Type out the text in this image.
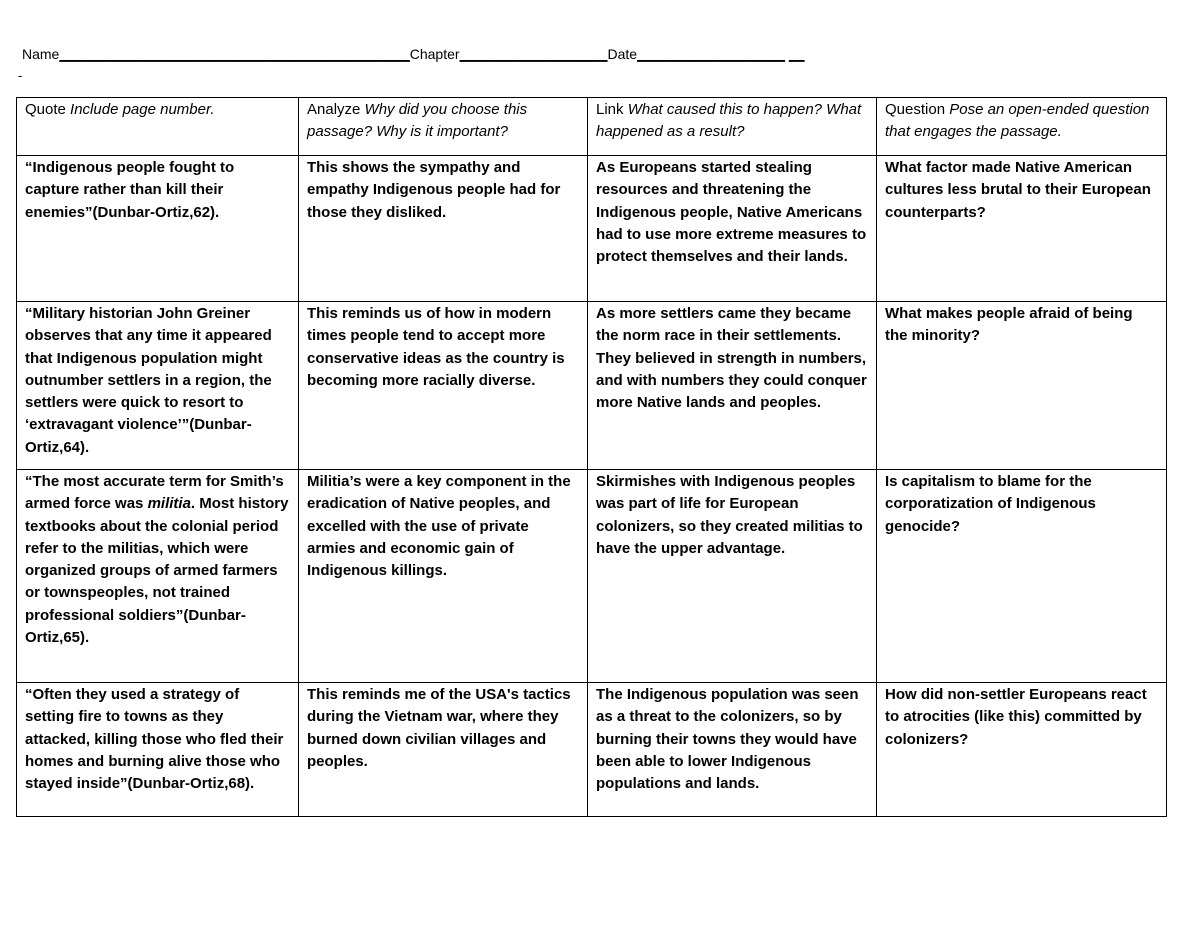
Name_____________________________________________Chapter___________________Date___________________ __
-
Quote Include page number.	Analyze Why did you choose this passage? Why is it important?	Link What caused this to happen? What happened as a result?	Question Pose an open-ended question that engages the passage.
“Indigenous people fought to capture rather than kill their enemies”(Dunbar-Ortiz,62).	This shows the sympathy and empathy Indigenous people had for those they disliked.	As Europeans started stealing resources and threatening the Indigenous people, Native Americans had to use more extreme measures to protect themselves and their lands.	What factor made Native American cultures less brutal to their European counterparts?
“Military historian John Greiner observes that any time it appeared that Indigenous population might outnumber settlers in a region, the settlers were quick to resort to ‘extravagant violence’”(Dunbar-Ortiz,64).	This reminds us of how in modern times people tend to accept more conservative ideas as the country is becoming more racially diverse.	As more settlers came they became the norm race in their settlements. They believed in strength in numbers, and with numbers they could conquer more Native lands and peoples.	What makes people afraid of being the minority?
“The most accurate term for Smith’s armed force was militia. Most history textbooks about the colonial period refer to the militias, which were organized groups of armed farmers or townspeoples, not trained professional soldiers”(Dunbar-Ortiz,65).	Militia’s were a key component in the eradication of Native peoples, and excelled with the use of private armies and economic gain of Indigenous killings.	Skirmishes with Indigenous peoples was part of life for European colonizers, so they created militias to have the upper advantage.	Is capitalism to blame for the corporatization of Indigenous genocide?
“Often they used a strategy of setting fire to towns as they attacked, killing those who fled their homes and burning alive those who stayed inside”(Dunbar-Ortiz,68).	This reminds me of the USA's tactics during the Vietnam war, where they burned down civilian villages and peoples.	The Indigenous population was seen as a threat to the colonizers, so by burning their towns they would have been able to lower Indigenous populations and lands.	How did non-settler Europeans react to atrocities (like this) committed by colonizers?
